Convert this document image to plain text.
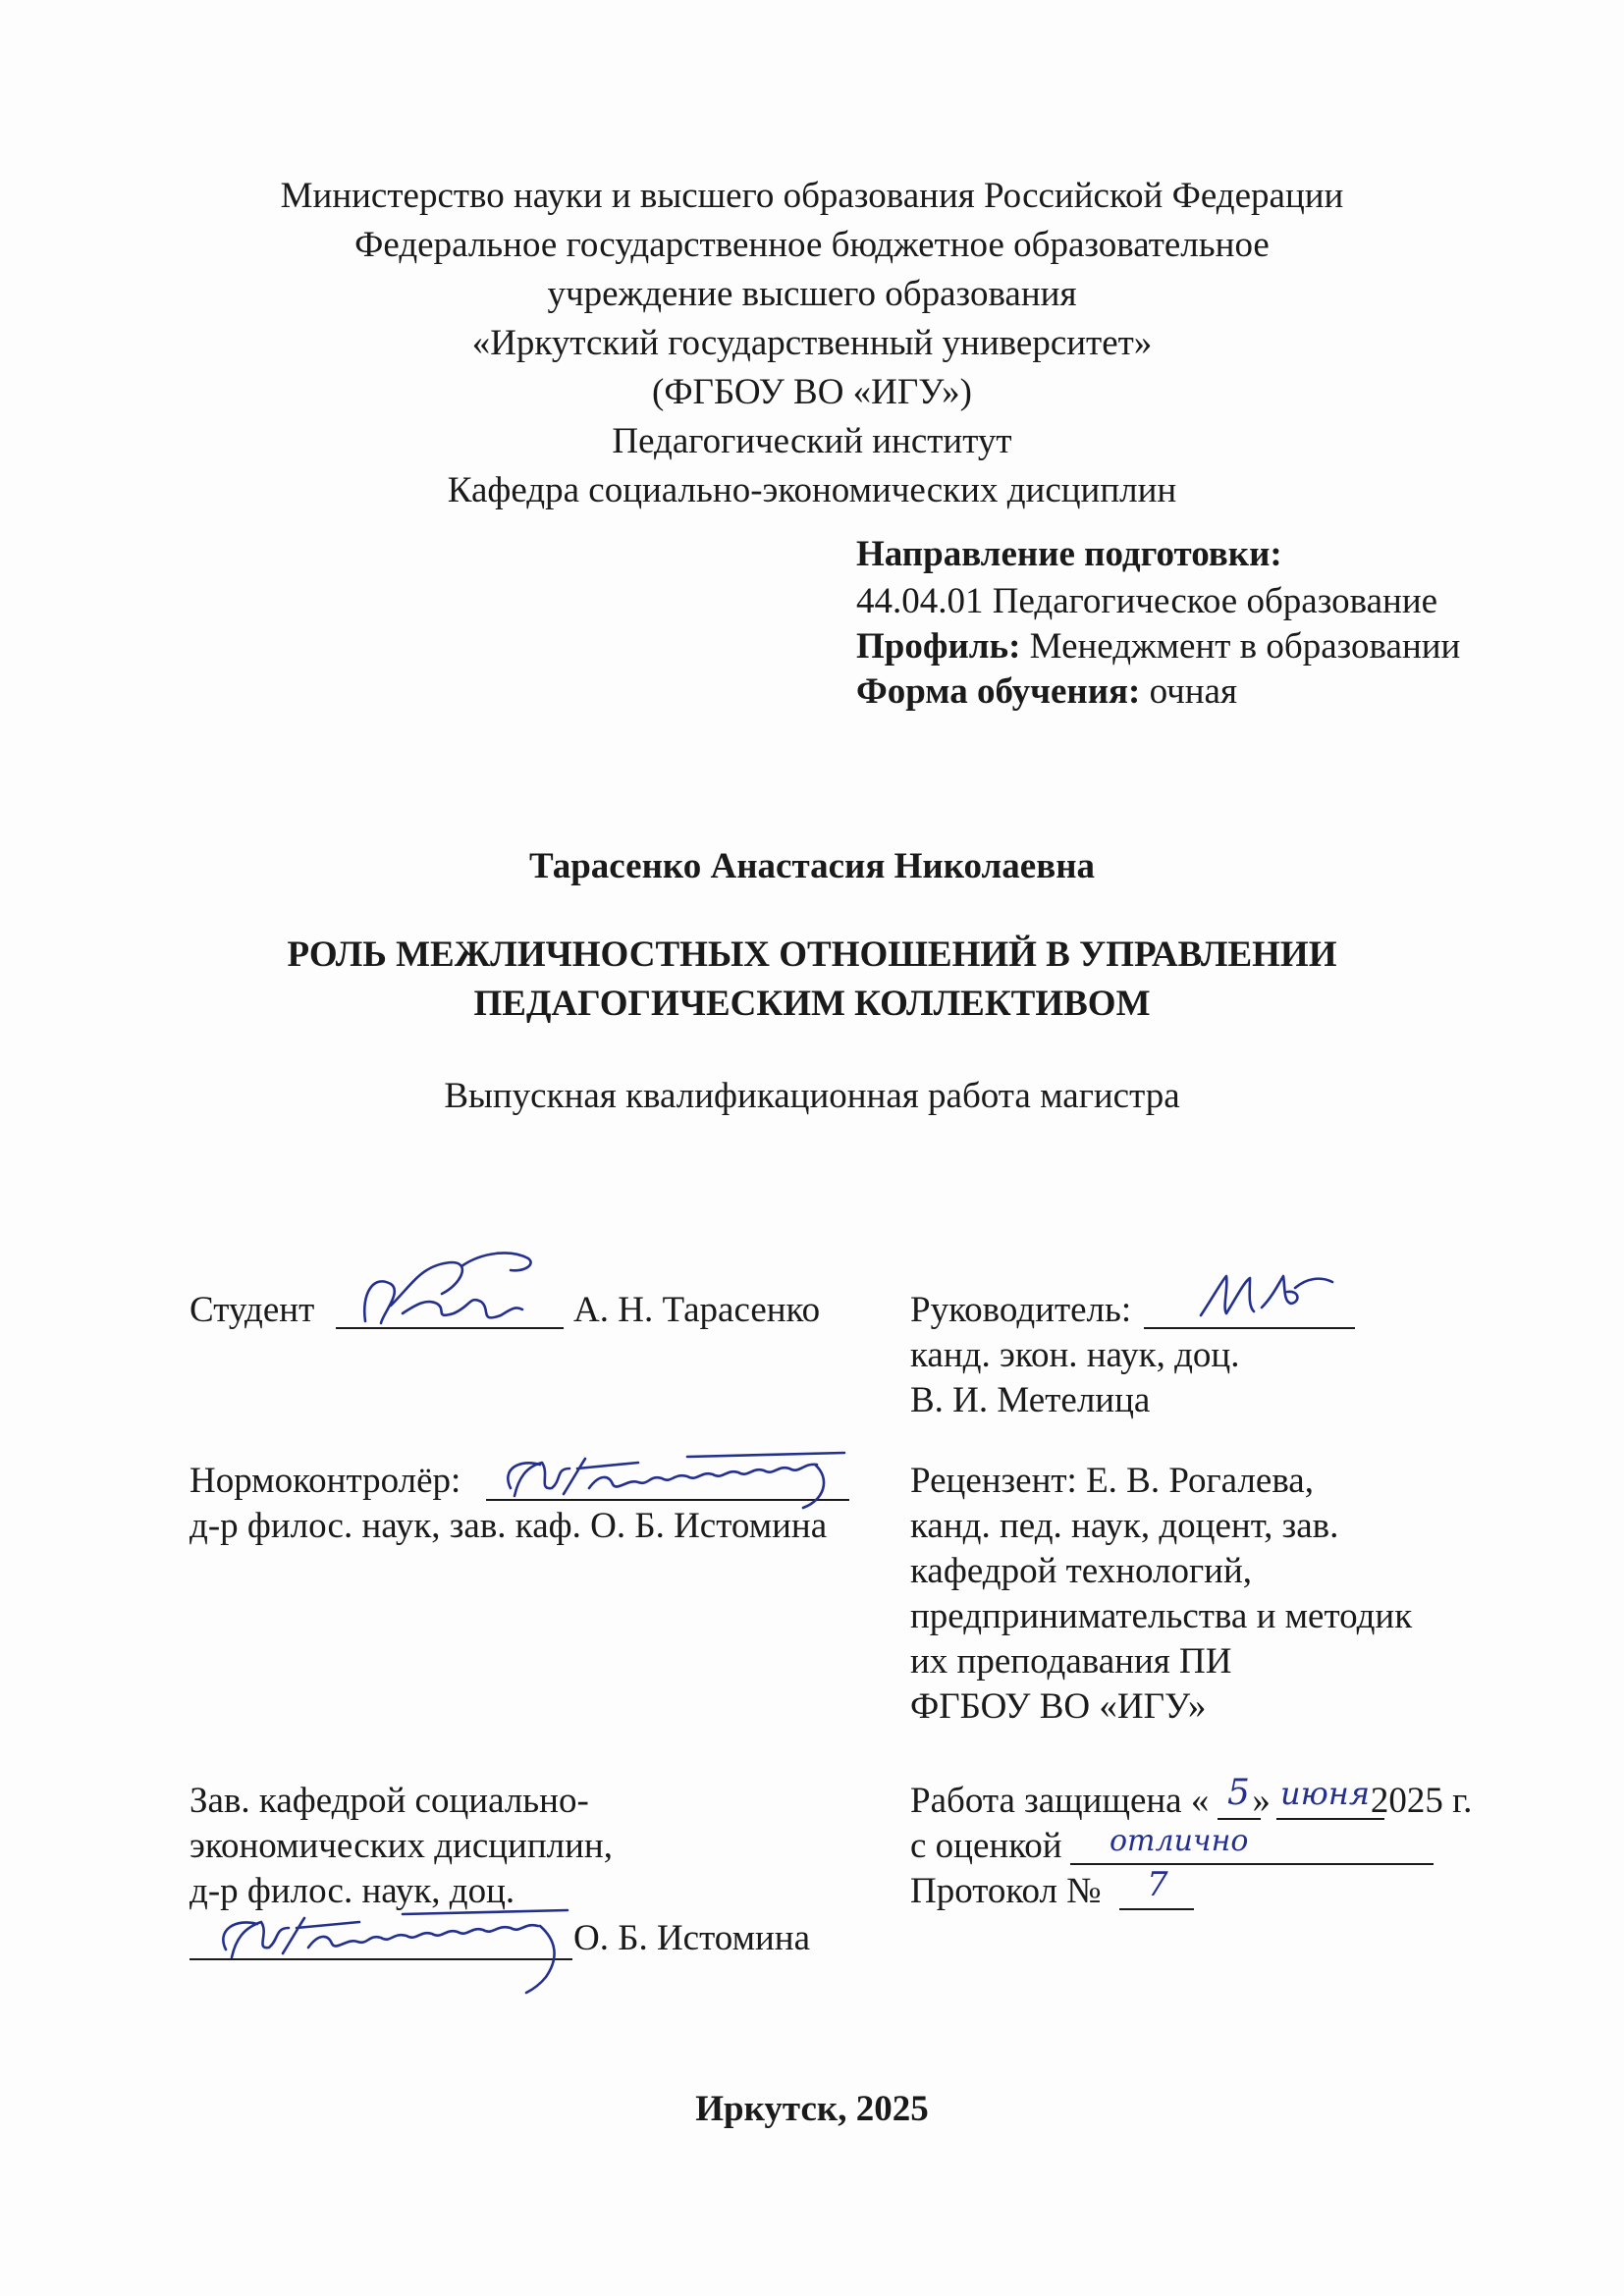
Министерство науки и высшего образования Российской Федерации
Федеральное государственное бюджетное образовательное
учреждение высшего образования
«Иркутский государственный университет»
(ФГБОУ ВО «ИГУ»)
Педагогический институт
Кафедра социально-экономических дисциплин
Направление подготовки:
44.04.01 Педагогическое образование
Профиль: Менеджмент в образовании
Форма обучения: очная
Тарасенко Анастасия Николаевна
РОЛЬ МЕЖЛИЧНОСТНЫХ ОТНОШЕНИЙ В УПРАВЛЕНИИ
ПЕДАГОГИЧЕСКИМ КОЛЛЕКТИВОМ
Выпускная квалификационная работа магистра
Студент	А. Н. Тарасенко Руководитель:
канд. экон. наук, доц.
В. И. Метелица
Нормоконтролёр:
д-р филос. наук, зав. каф. О. Б. Истомина
Рецензент: Е. В. Рогалева,
канд. пед. наук, доцент, зав.
кафедрой технологий,
предпринимательства и методик
их преподавания ПИ
ФГБОУ ВО «ИГУ»
Зав. кафедрой социально-
экономических дисциплин,
д-р филос. наук, доц.
О. Б. Истомина
Работа защищена « »	2025 г.
5 июня
с оценкой отлично
Протокол № 7
Иркутск, 2025
